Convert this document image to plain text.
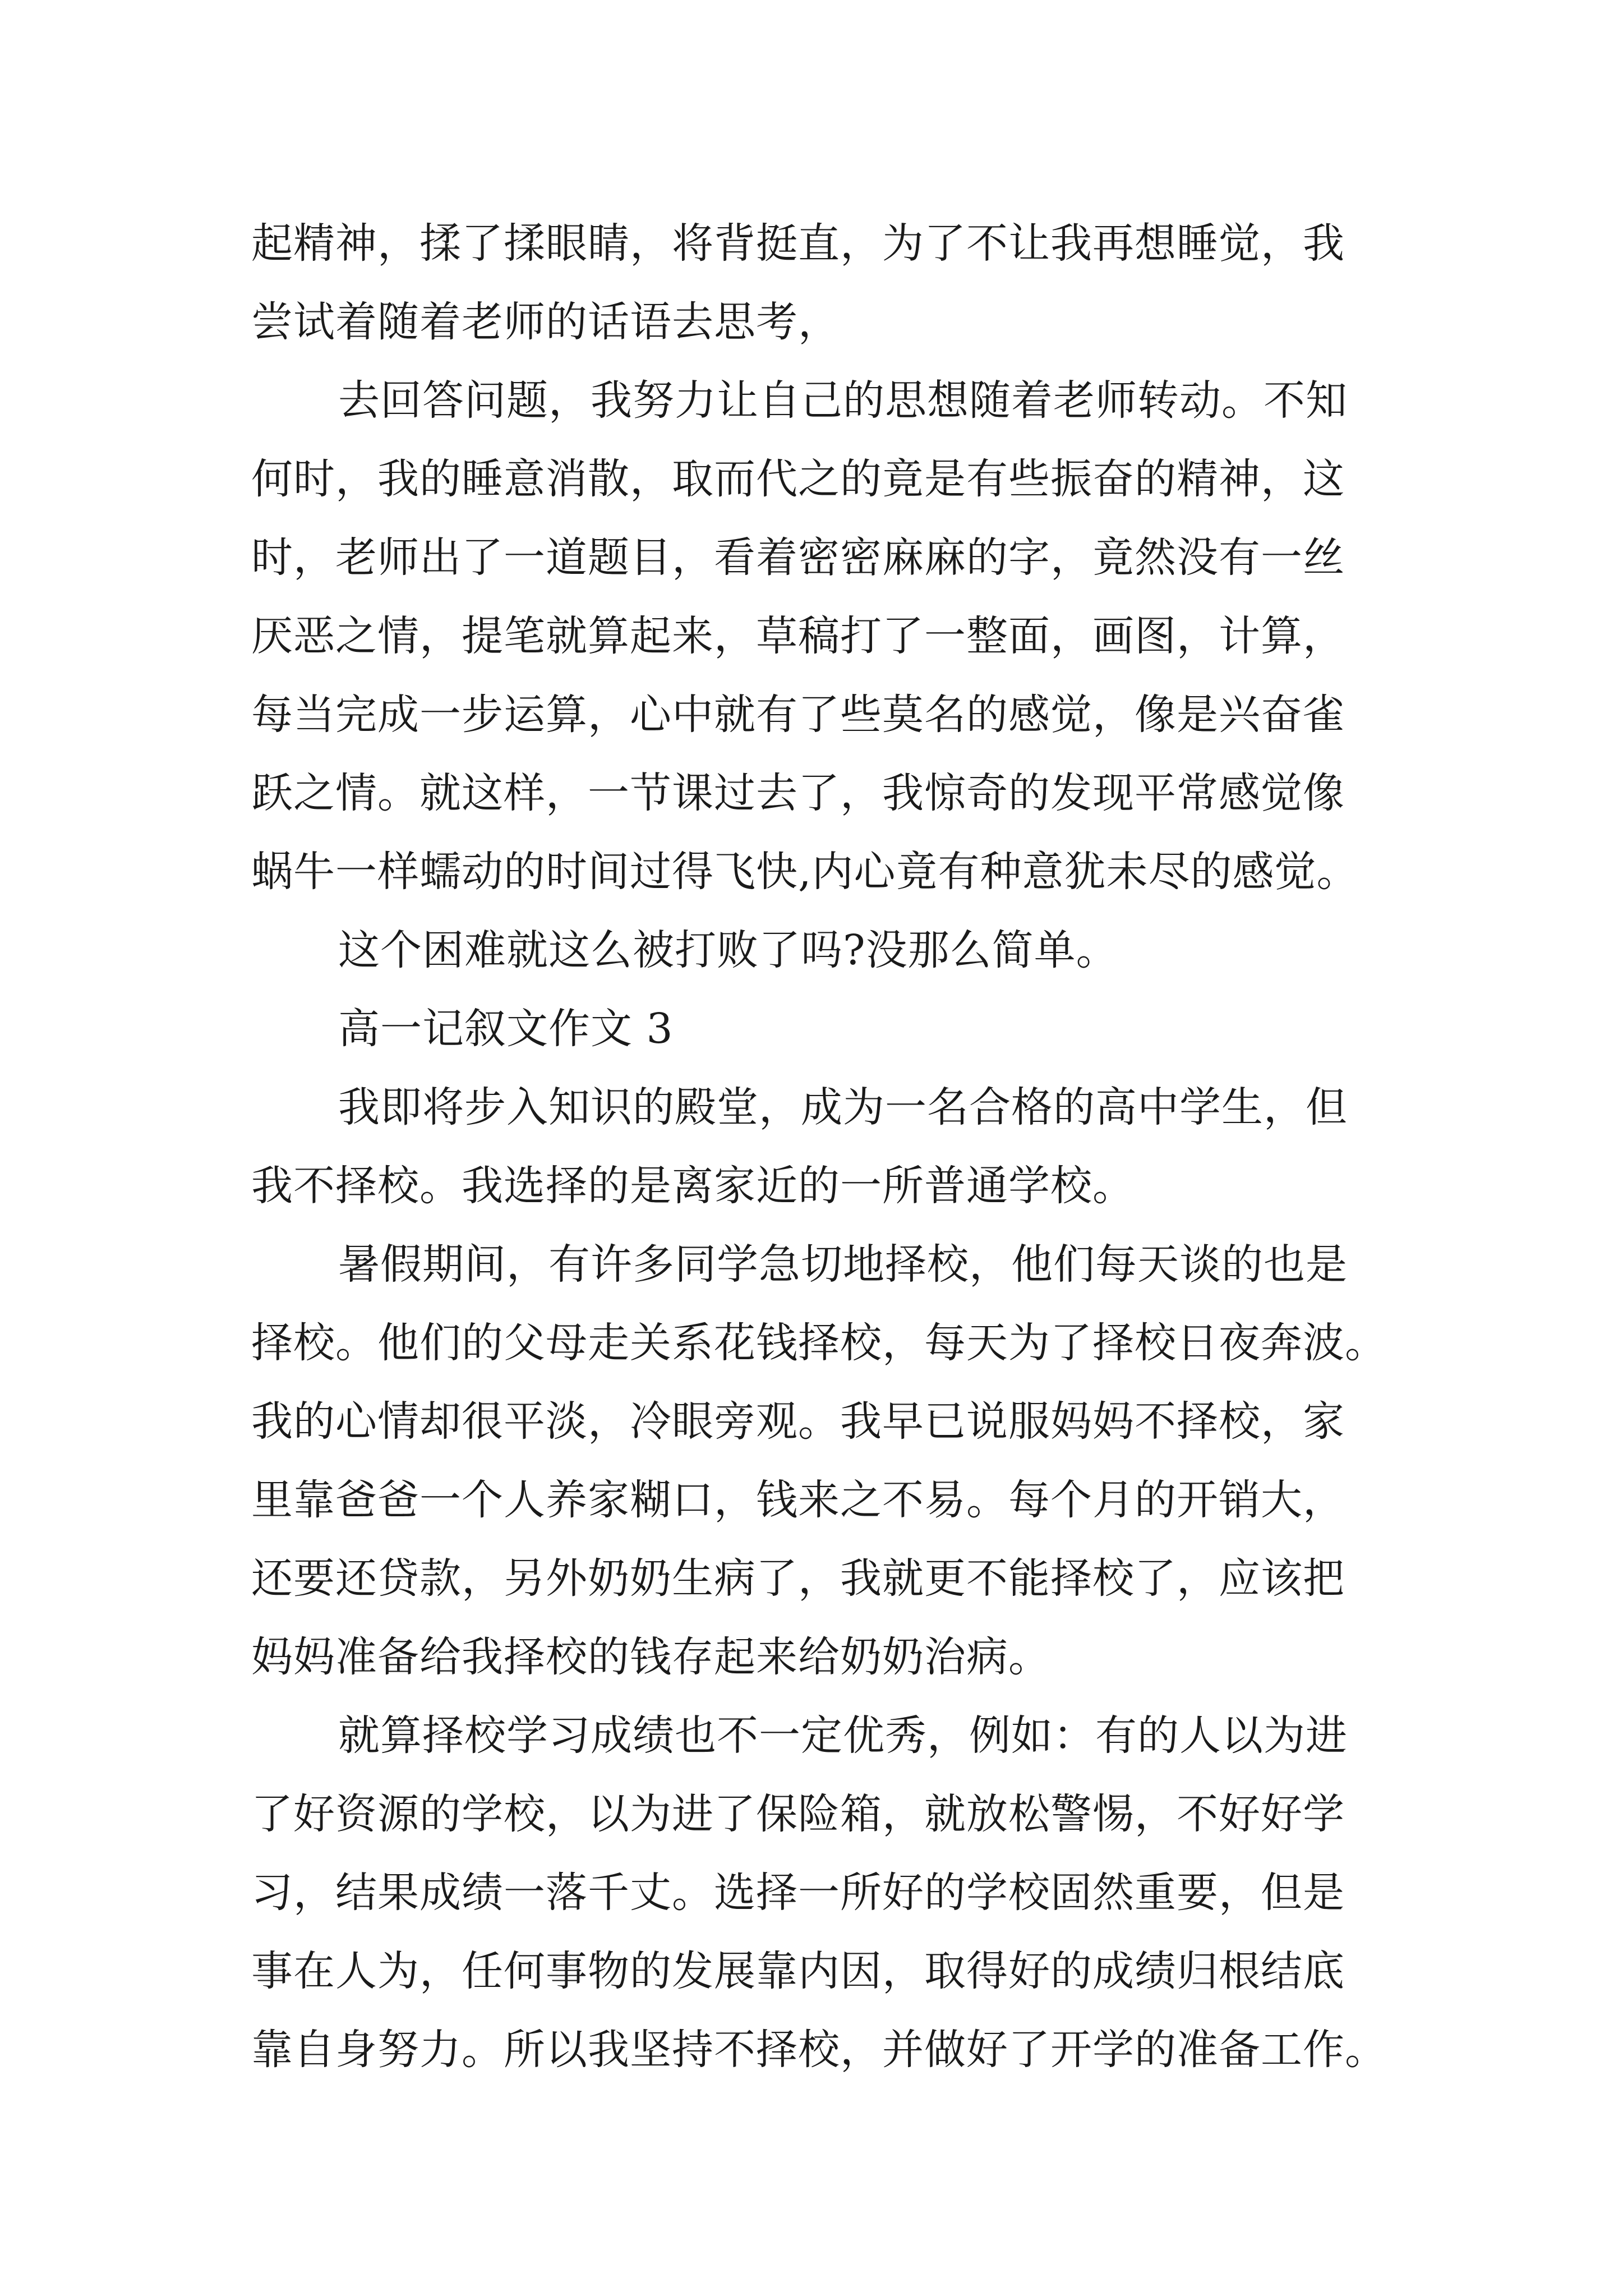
起精神，揉了揉眼睛，将背挺直，为了不让我再想睡觉，我

尝试着随着老师的话语去思考，

去回答问题，我努力让自己的思想随着老师转动。不知

何时，我的睡意消散，取而代之的竟是有些振奋的精神，这

时，老师出了一道题目，看着密密麻麻的字，竟然没有一丝

厌恶之情，提笔就算起来，草稿打了一整面，画图，计算，

每当完成一步运算，心中就有了些莫名的感觉，像是兴奋雀

跃之情。就这样，一节课过去了，我惊奇的发现平常感觉像

蜗牛一样蠕动的时间过得飞快,内心竟有种意犹未尽的感觉。

这个困难就这么被打败了吗?没那么简单。

高一记叙文作文 3

我即将步入知识的殿堂，成为一名合格的高中学生，但

我不择校。我选择的是离家近的一所普通学校。

暑假期间，有许多同学急切地择校，他们每天谈的也是

择校。他们的父母走关系花钱择校，每天为了择校日夜奔波。

我的心情却很平淡，冷眼旁观。我早已说服妈妈不择校，家

里靠爸爸一个人养家糊口，钱来之不易。每个月的开销大，

还要还贷款，另外奶奶生病了，我就更不能择校了，应该把

妈妈准备给我择校的钱存起来给奶奶治病。

就算择校学习成绩也不一定优秀，例如：有的人以为进

了好资源的学校，以为进了保险箱，就放松警惕，不好好学

习，结果成绩一落千丈。选择一所好的学校固然重要，但是

事在人为，任何事物的发展靠内因，取得好的成绩归根结底

靠自身努力。所以我坚持不择校，并做好了开学的准备工作。
